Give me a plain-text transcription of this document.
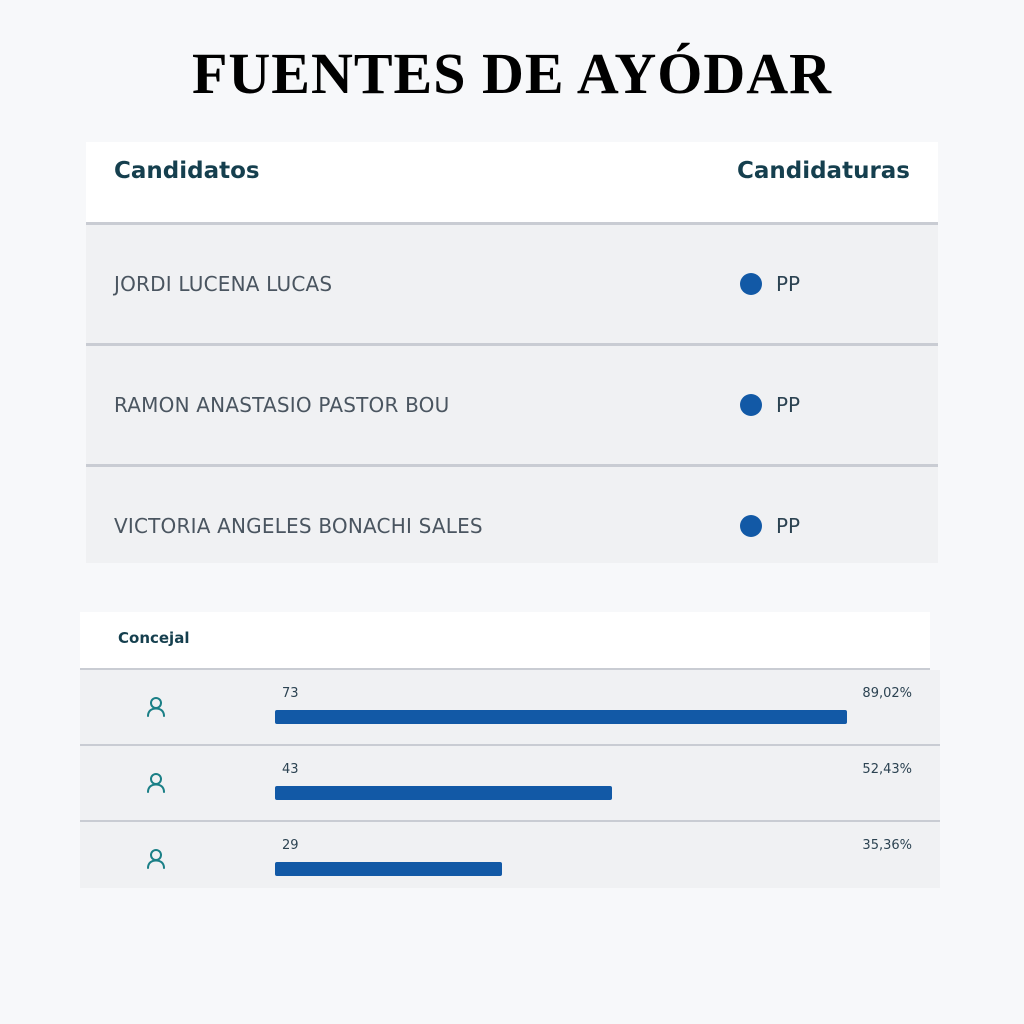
FUENTES DE AYÓDAR
Candidatos	Candidaturas
JORDI LUCENA LUCAS	PP
RAMON ANASTASIO PASTOR BOU	PP
VICTORIA ANGELES BONACHI SALES	PP
Concejal
73	89,02%
43	52,43%
29	35,36%
